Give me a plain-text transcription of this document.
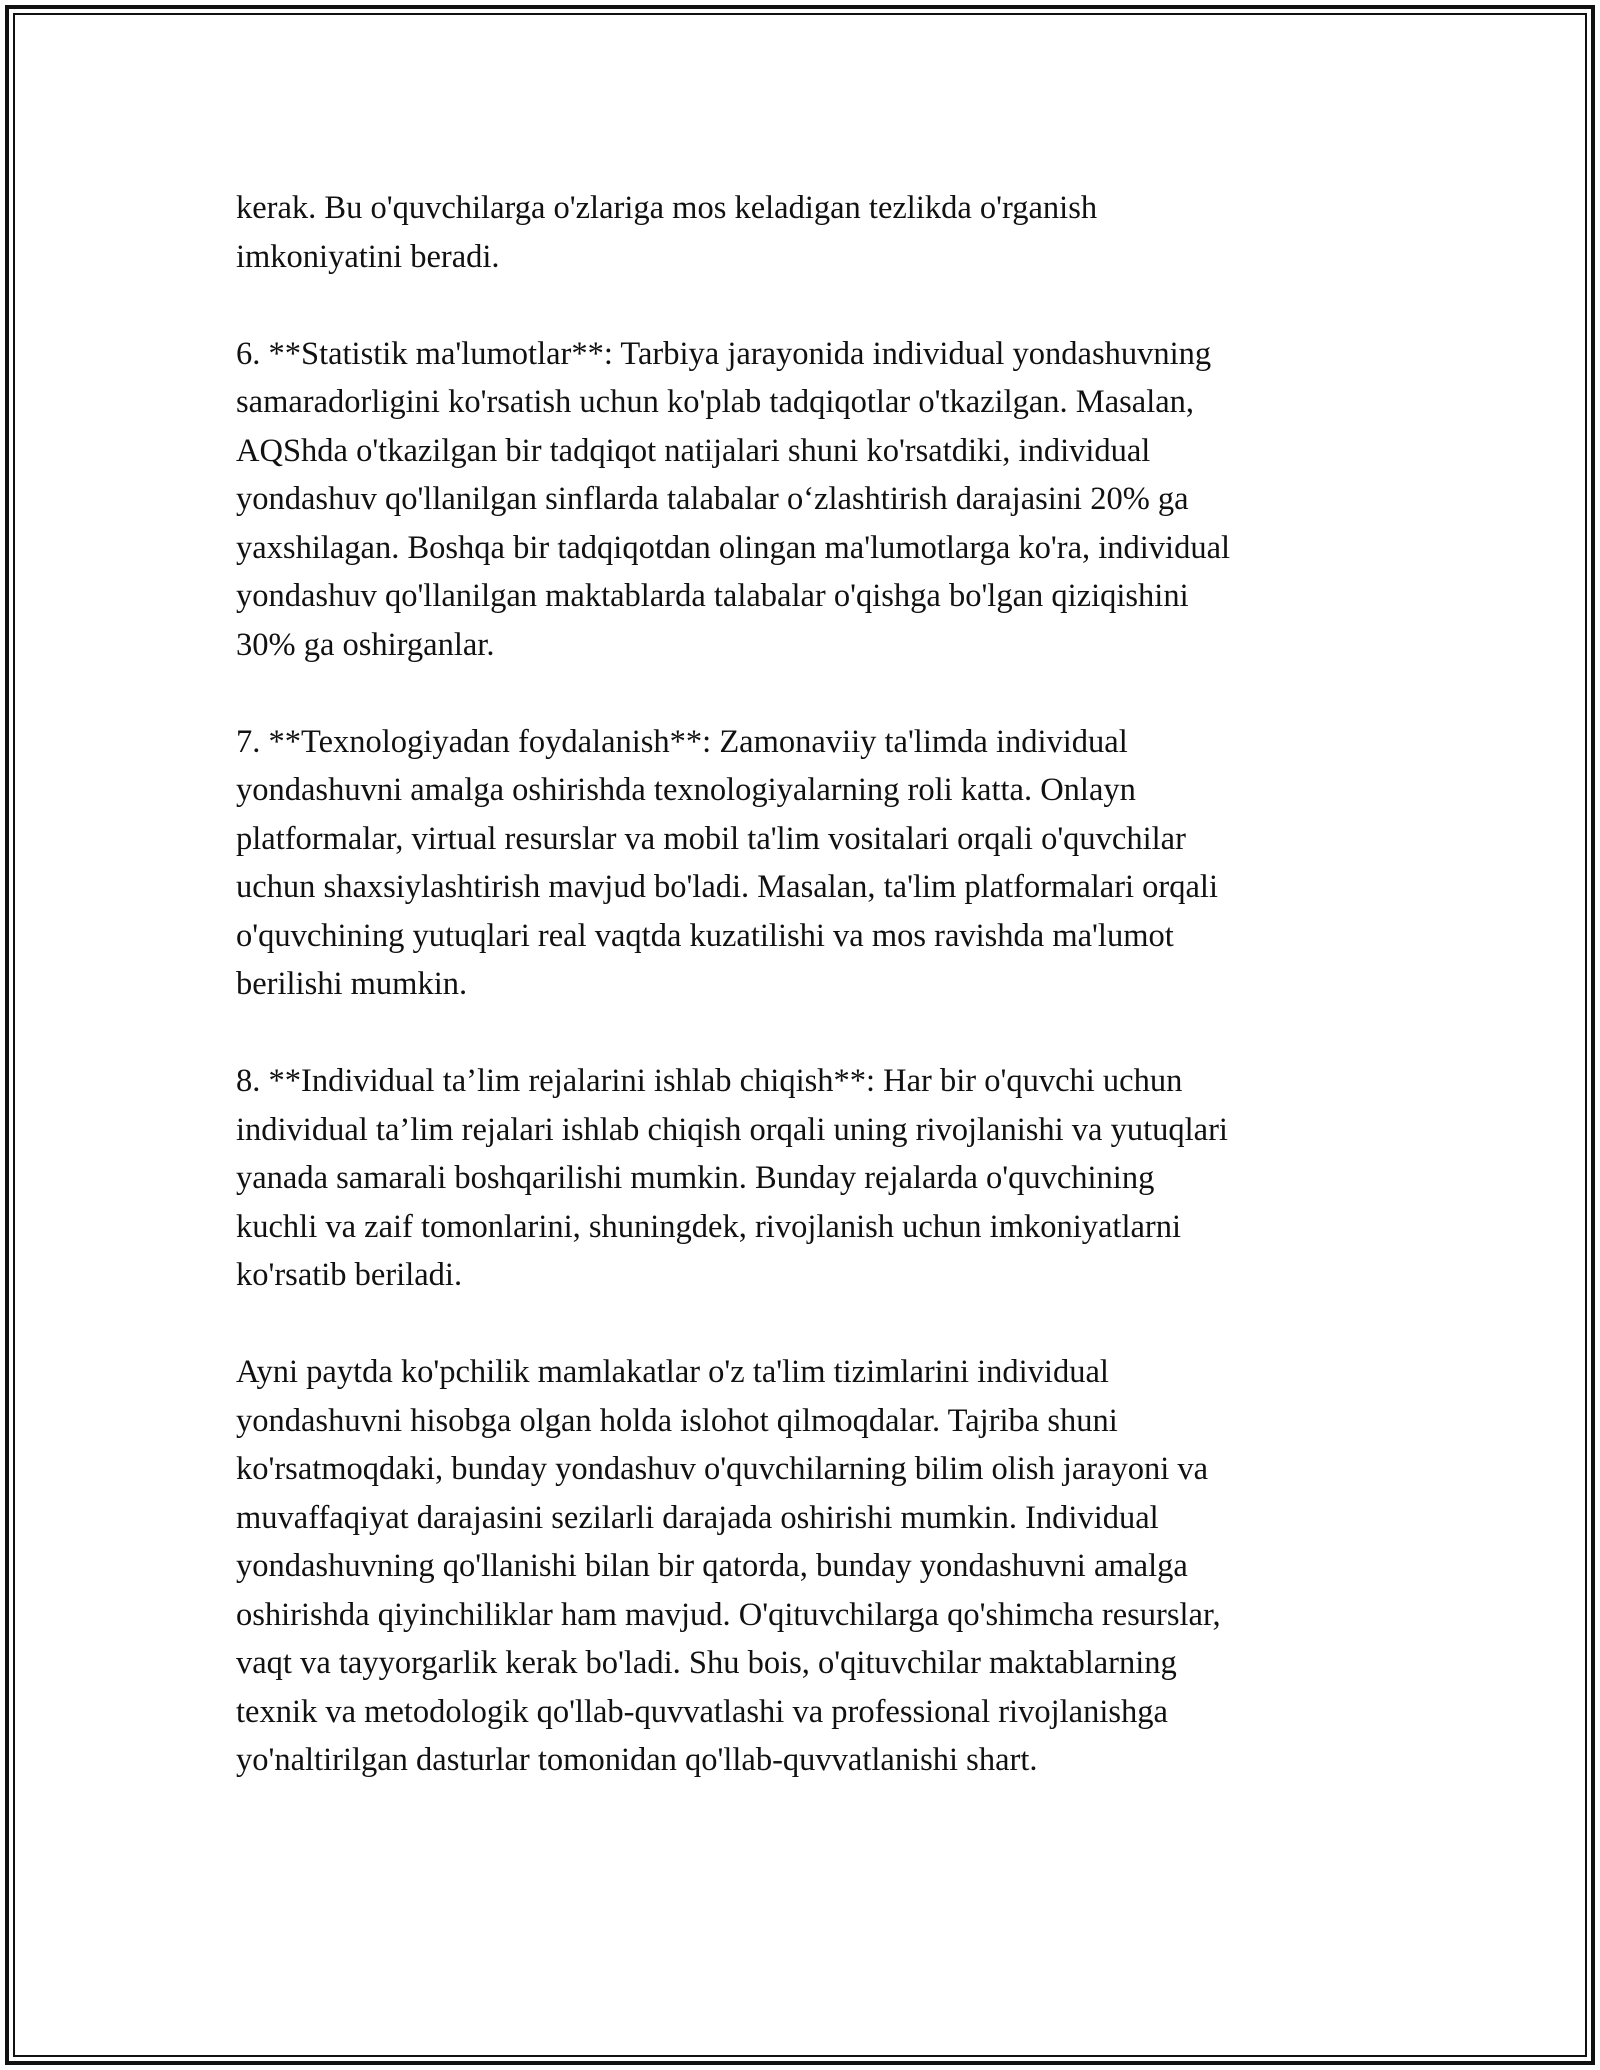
kerak. Bu o'quvchilarga o'zlariga mos keladigan tezlikda o'rganish
imkoniyatini beradi.

6. **Statistik ma'lumotlar**: Tarbiya jarayonida individual yondashuvning
samaradorligini ko'rsatish uchun ko'plab tadqiqotlar o'tkazilgan. Masalan,
AQShda o'tkazilgan bir tadqiqot natijalari shuni ko'rsatdiki, individual
yondashuv qo'llanilgan sinflarda talabalar o‘zlashtirish darajasini 20% ga
yaxshilagan. Boshqa bir tadqiqotdan olingan ma'lumotlarga ko'ra, individual
yondashuv qo'llanilgan maktablarda talabalar o'qishga bo'lgan qiziqishini
30% ga oshirganlar.

7. **Texnologiyadan foydalanish**: Zamonaviiy ta'limda individual
yondashuvni amalga oshirishda texnologiyalarning roli katta. Onlayn
platformalar, virtual resurslar va mobil ta'lim vositalari orqali o'quvchilar
uchun shaxsiylashtirish mavjud bo'ladi. Masalan, ta'lim platformalari orqali
o'quvchining yutuqlari real vaqtda kuzatilishi va mos ravishda ma'lumot
berilishi mumkin.

8. **Individual ta’lim rejalarini ishlab chiqish**: Har bir o'quvchi uchun
individual ta’lim rejalari ishlab chiqish orqali uning rivojlanishi va yutuqlari
yanada samarali boshqarilishi mumkin. Bunday rejalarda o'quvchining
kuchli va zaif tomonlarini, shuningdek, rivojlanish uchun imkoniyatlarni
ko'rsatib beriladi.

Ayni paytda ko'pchilik mamlakatlar o'z ta'lim tizimlarini individual
yondashuvni hisobga olgan holda islohot qilmoqdalar. Tajriba shuni
ko'rsatmoqdaki, bunday yondashuv o'quvchilarning bilim olish jarayoni va
muvaffaqiyat darajasini sezilarli darajada oshirishi mumkin. Individual
yondashuvning qo'llanishi bilan bir qatorda, bunday yondashuvni amalga
oshirishda qiyinchiliklar ham mavjud. O'qituvchilarga qo'shimcha resurslar,
vaqt va tayyorgarlik kerak bo'ladi. Shu bois, o'qituvchilar maktablarning
texnik va metodologik qo'llab-quvvatlashi va professional rivojlanishga
yo'naltirilgan dasturlar tomonidan qo'llab-quvvatlanishi shart.
